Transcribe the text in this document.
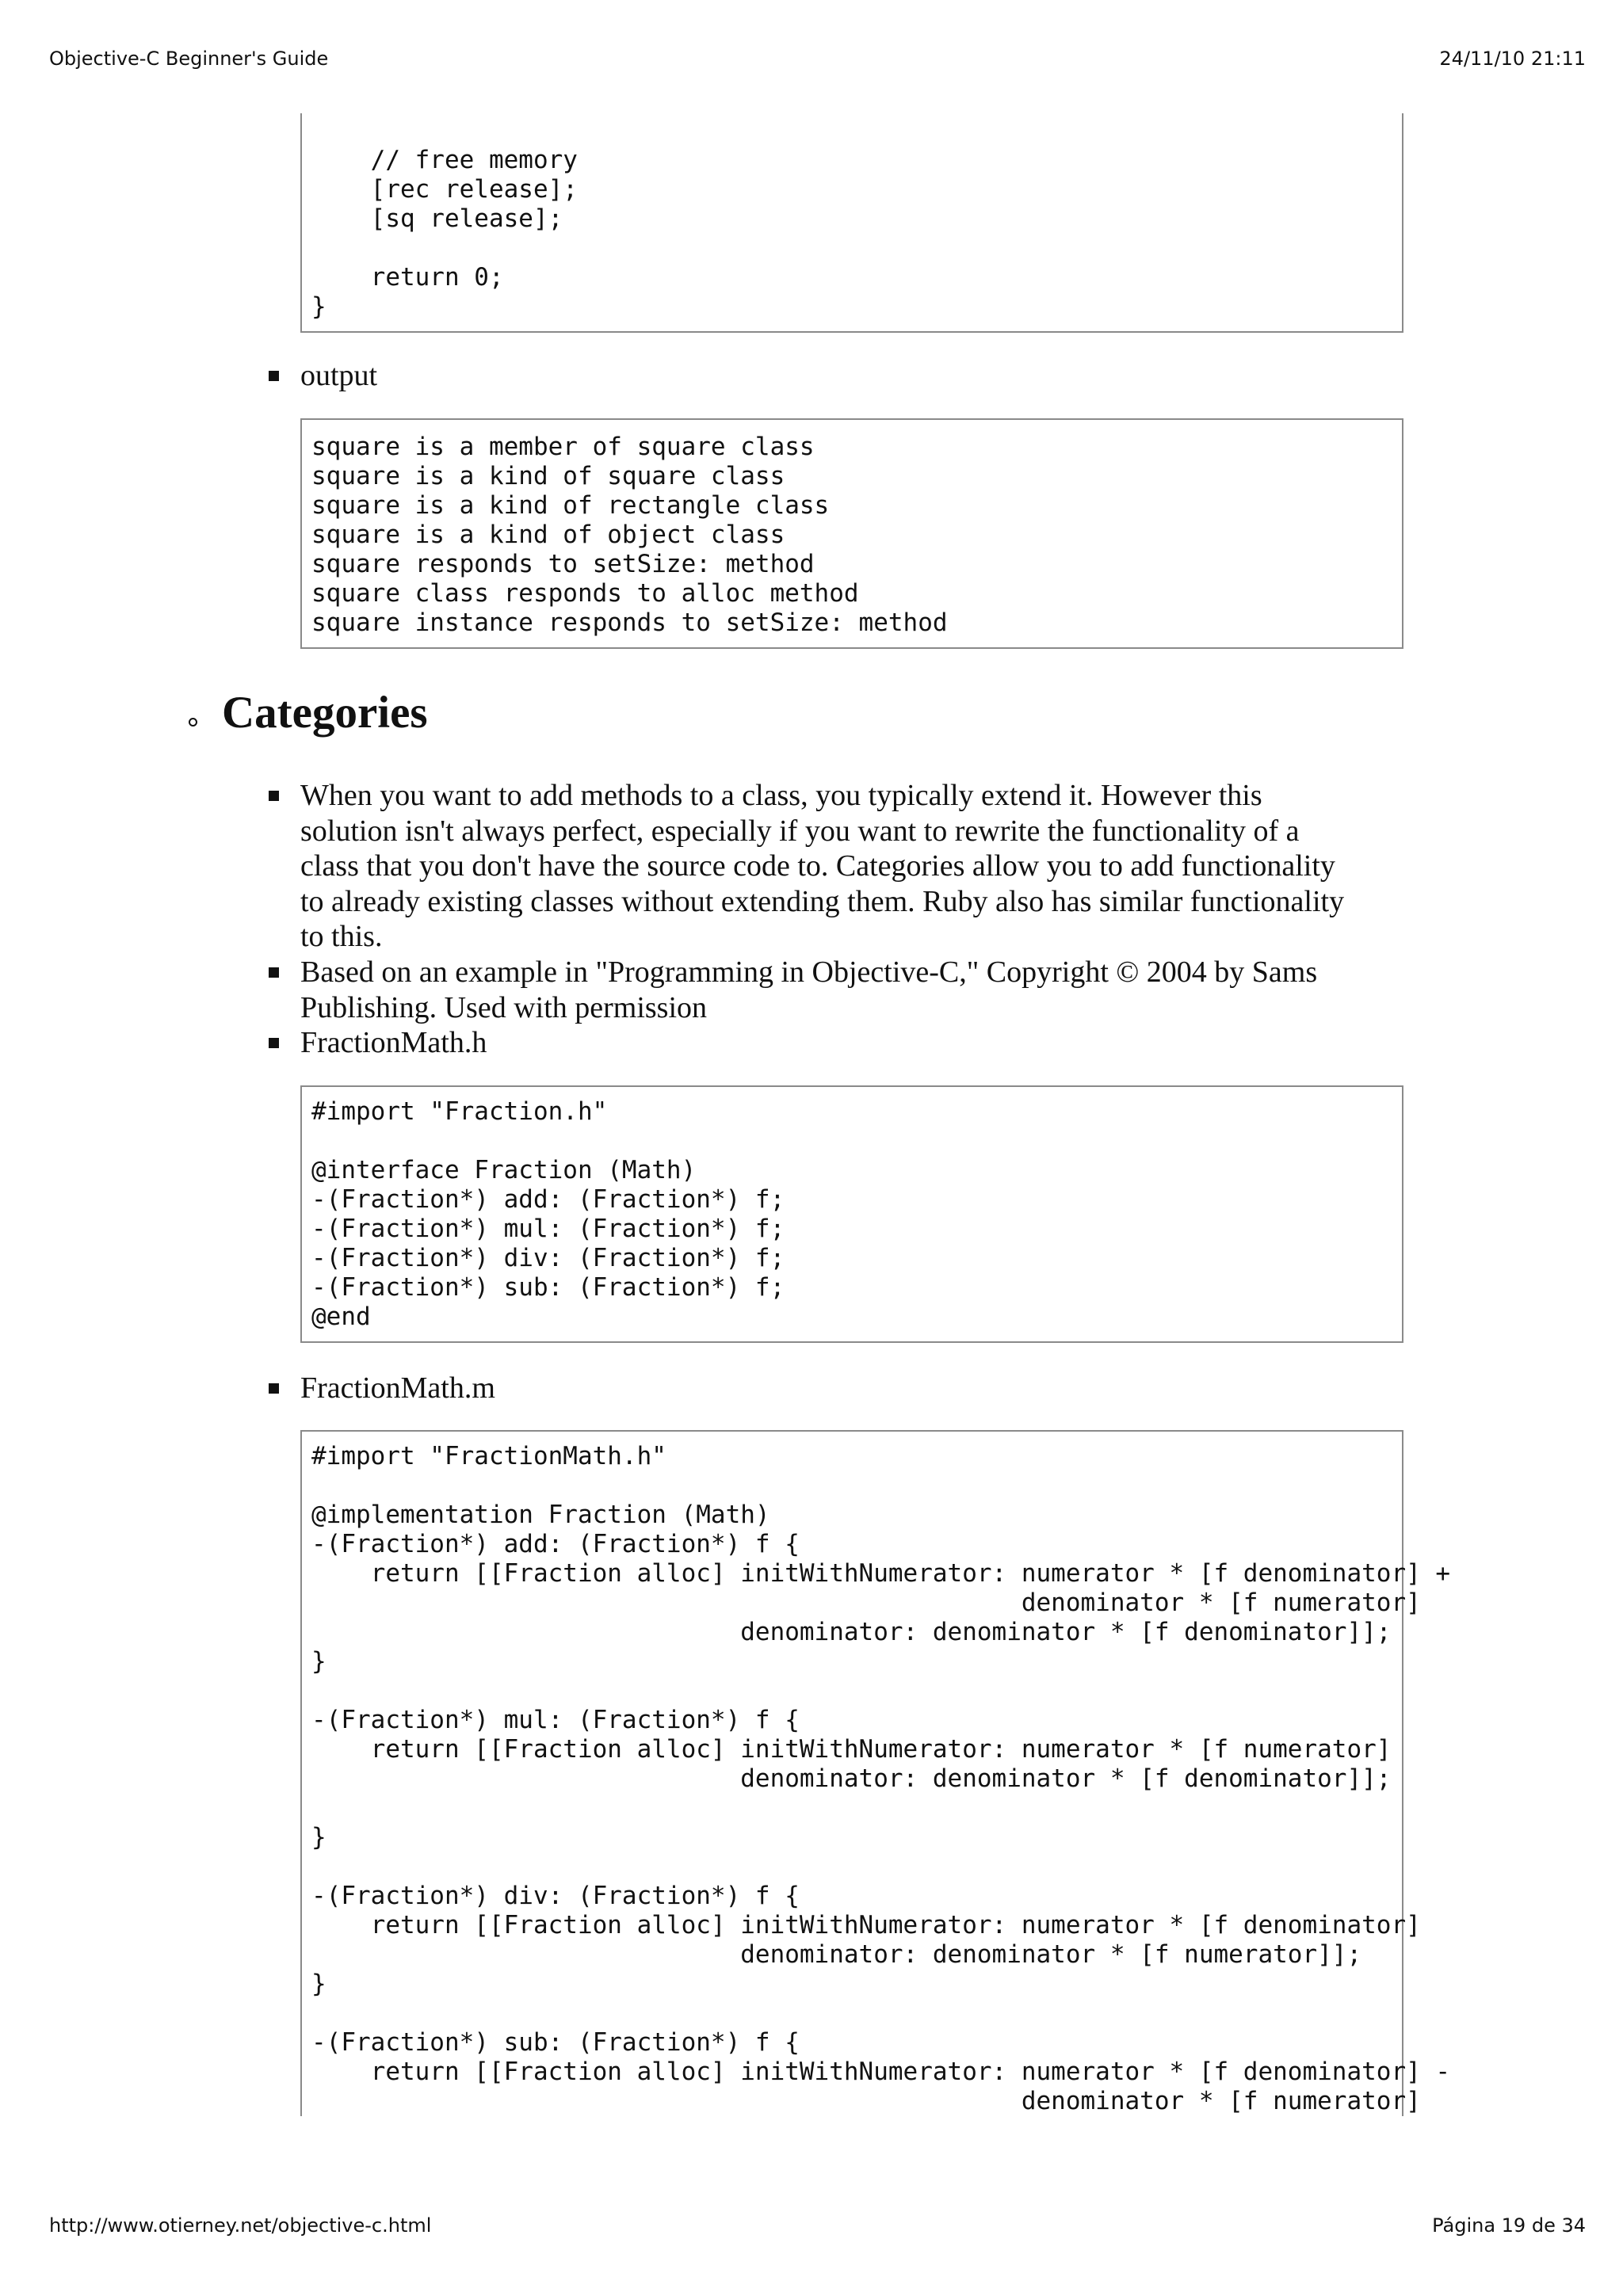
Objective-C Beginner's Guide	24/11/10 21:11
// free memory
[rec release];
[sq release];

return 0;
}
output
square is a member of square class
square is a kind of square class
square is a kind of rectangle class
square is a kind of object class
square responds to setSize: method
square class responds to alloc method
square instance responds to setSize: method
Categories
When you want to add methods to a class, you typically extend it. However this
solution isn't always perfect, especially if you want to rewrite the functionality of a
class that you don't have the source code to. Categories allow you to add functionality
to already existing classes without extending them. Ruby also has similar functionality
to this.
Based on an example in "Programming in Objective-C," Copyright © 2004 by Sams
Publishing. Used with permission
FractionMath.h
#import "Fraction.h"

@interface Fraction (Math)
-(Fraction*) add: (Fraction*) f;
-(Fraction*) mul: (Fraction*) f;
-(Fraction*) div: (Fraction*) f;
-(Fraction*) sub: (Fraction*) f;
@end
FractionMath.m
#import "FractionMath.h"

@implementation Fraction (Math)
-(Fraction*) add: (Fraction*) f {
return [[Fraction alloc] initWithNumerator: numerator * [f denominator] +
denominator * [f numerator]
denominator: denominator * [f denominator]];
}

-(Fraction*) mul: (Fraction*) f {
return [[Fraction alloc] initWithNumerator: numerator * [f numerator]
denominator: denominator * [f denominator]];

}

-(Fraction*) div: (Fraction*) f {
return [[Fraction alloc] initWithNumerator: numerator * [f denominator]
denominator: denominator * [f numerator]];
}

-(Fraction*) sub: (Fraction*) f {
return [[Fraction alloc] initWithNumerator: numerator * [f denominator] -
denominator * [f numerator]
http://www.otierney.net/objective-c.html	Página 19 de 34
